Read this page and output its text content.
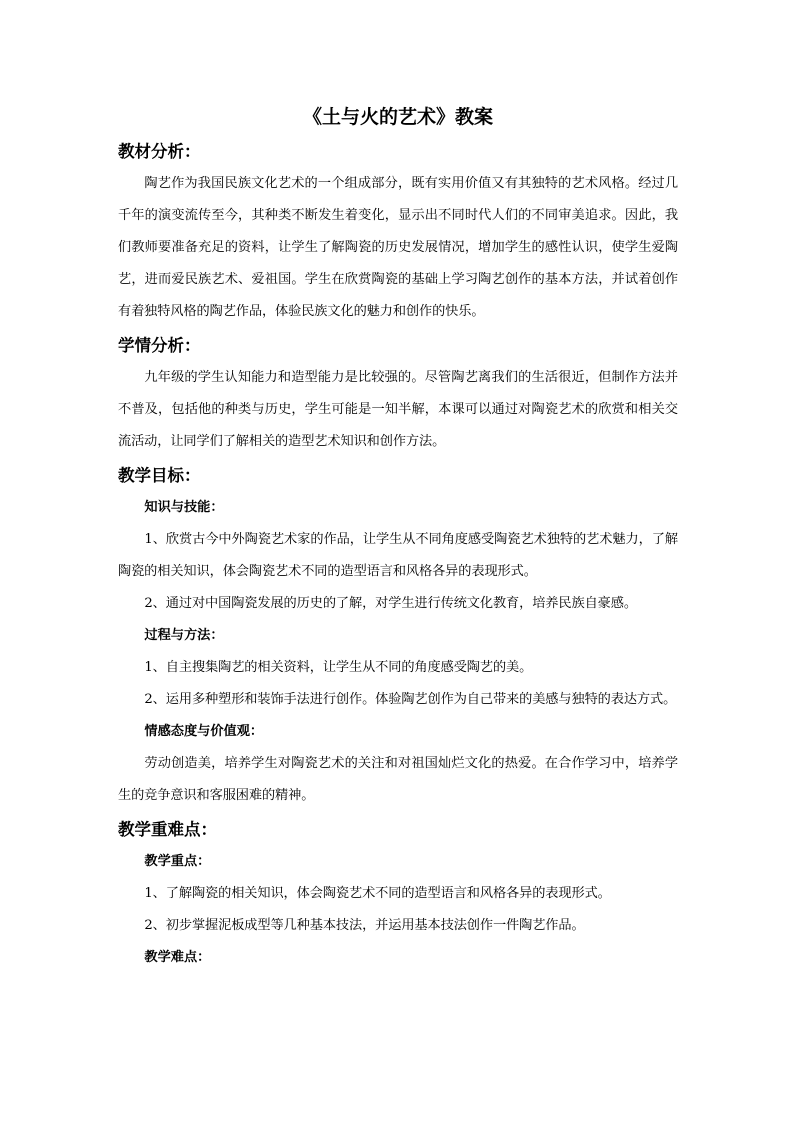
《土与火的艺术》教案
教材分析：

陶艺作为我国民族文化艺术的一个组成部分，既有实用价值又有其独特的艺术风格。经过几千年的演变流传至今，其种类不断发生着变化，显示出不同时代人们的不同审美追求。因此，我们教师要准备充足的资料，让学生了解陶瓷的历史发展情况，增加学生的感性认识，使学生爱陶艺，进而爱民族艺术、爱祖国。学生在欣赏陶瓷的基础上学习陶艺创作的基本方法，并试着创作有着独特风格的陶艺作品，体验民族文化的魅力和创作的快乐。

学情分析：

九年级的学生认知能力和造型能力是比较强的。尽管陶艺离我们的生活很近，但制作方法并不普及，包括他的种类与历史，学生可能是一知半解，本课可以通过对陶瓷艺术的欣赏和相关交流活动，让同学们了解相关的造型艺术知识和创作方法。

教学目标：
知识与技能：

1、欣赏古今中外陶瓷艺术家的作品，让学生从不同角度感受陶瓷艺术独特的艺术魅力，了解陶瓷的相关知识，体会陶瓷艺术不同的造型语言和风格各异的表现形式。

2、通过对中国陶瓷发展的历史的了解，对学生进行传统文化教育，培养民族自豪感。

过程与方法：

1、自主搜集陶艺的相关资料，让学生从不同的角度感受陶艺的美。

2、运用多种塑形和装饰手法进行创作。体验陶艺创作为自己带来的美感与独特的表达方式。

情感态度与价值观：

劳动创造美，培养学生对陶瓷艺术的关注和对祖国灿烂文化的热爱。在合作学习中，培养学生的竞争意识和客服困难的精神。

教学重难点：
教学重点：

1、了解陶瓷的相关知识，体会陶瓷艺术不同的造型语言和风格各异的表现形式。

2、初步掌握泥板成型等几种基本技法，并运用基本技法创作一件陶艺作品。

教学难点：
